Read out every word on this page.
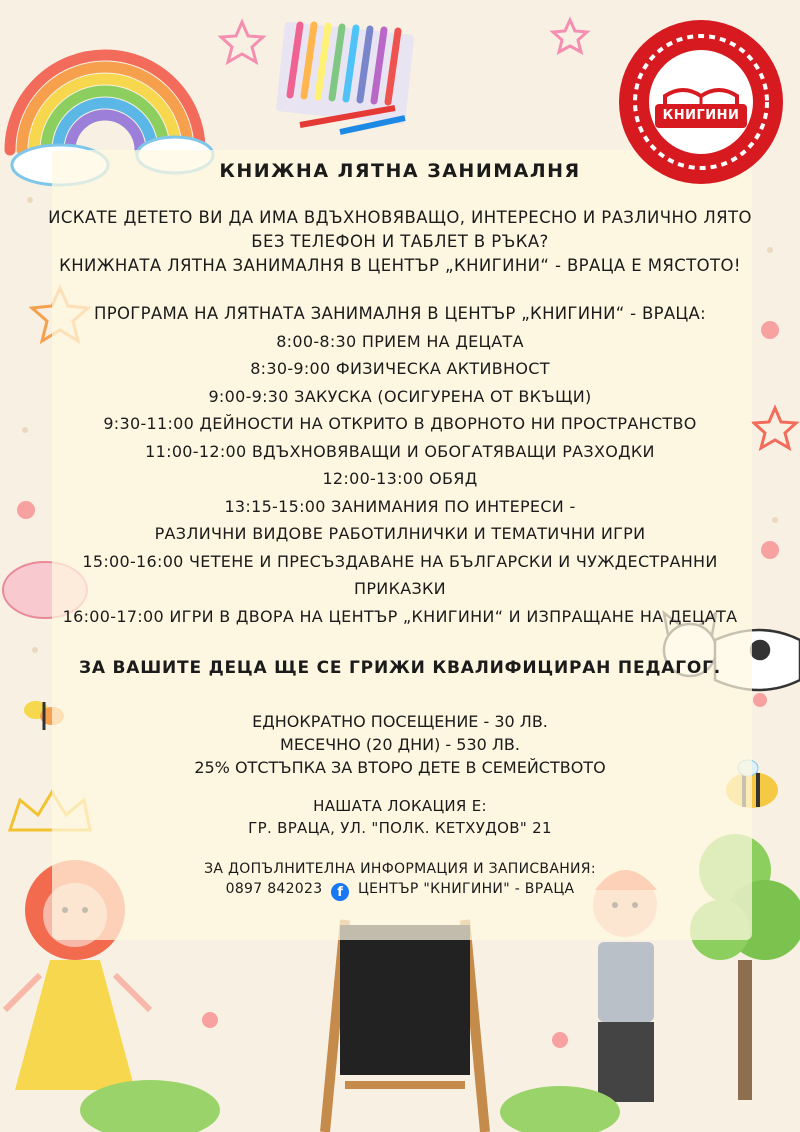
КНИГИНИ
КНИЖНА ЛЯТНА ЗАНИМАЛНЯ
ИСКАТЕ ДЕТЕТО ВИ ДА ИМА ВДЪХНОВЯВАЩО, ИНТЕРЕСНО И РАЗЛИЧНО ЛЯТО
БЕЗ ТЕЛЕФОН И ТАБЛЕТ В РЪКА?
КНИЖНАТА ЛЯТНА ЗАНИМАЛНЯ В ЦЕНТЪР „КНИГИНИ“ - ВРАЦА Е МЯСТОТО!
ПРОГРАМА НА ЛЯТНАТА ЗАНИМАЛНЯ В ЦЕНТЪР „КНИГИНИ“ - ВРАЦА:
8:00-8:30 ПРИЕМ НА ДЕЦАТА
8:30-9:00 ФИЗИЧЕСКА АКТИВНОСТ
9:00-9:30 ЗАКУСКА (ОСИГУРЕНА ОТ ВКЪЩИ)
9:30-11:00 ДЕЙНОСТИ НА ОТКРИТО В ДВОРНОТО НИ ПРОСТРАНСТВО
11:00-12:00 ВДЪХНОВЯВАЩИ И ОБОГАТЯВАЩИ РАЗХОДКИ
12:00-13:00 ОБЯД
13:15-15:00 ЗАНИМАНИЯ ПО ИНТЕРЕСИ -
РАЗЛИЧНИ ВИДОВЕ РАБОТИЛНИЧКИ И ТЕМАТИЧНИ ИГРИ
15:00-16:00 ЧЕТЕНЕ И ПРЕСЪЗДАВАНЕ НА БЪЛГАРСКИ И ЧУЖДЕСТРАННИ ПРИКАЗКИ
16:00-17:00 ИГРИ В ДВОРА НА ЦЕНТЪР „КНИГИНИ“ И ИЗПРАЩАНЕ НА ДЕЦАТА
ЗА ВАШИТЕ ДЕЦА ЩЕ СЕ ГРИЖИ КВАЛИФИЦИРАН ПЕДАГОГ.
ЕДНОКРАТНО ПОСЕЩЕНИЕ - 30 ЛВ.
МЕСЕЧНО (20 ДНИ) - 530 ЛВ.
25% ОТСТЪПКА ЗА ВТОРО ДЕТЕ В СЕМЕЙСТВОТО
НАШАТА ЛОКАЦИЯ Е:
ГР. ВРАЦА, УЛ. "ПОЛК. КЕТХУДОВ" 21
ЗА ДОПЪЛНИТЕЛНА ИНФОРМАЦИЯ И ЗАПИСВАНИЯ:
0897 842023 f ЦЕНТЪР "КНИГИНИ" - ВРАЦА
